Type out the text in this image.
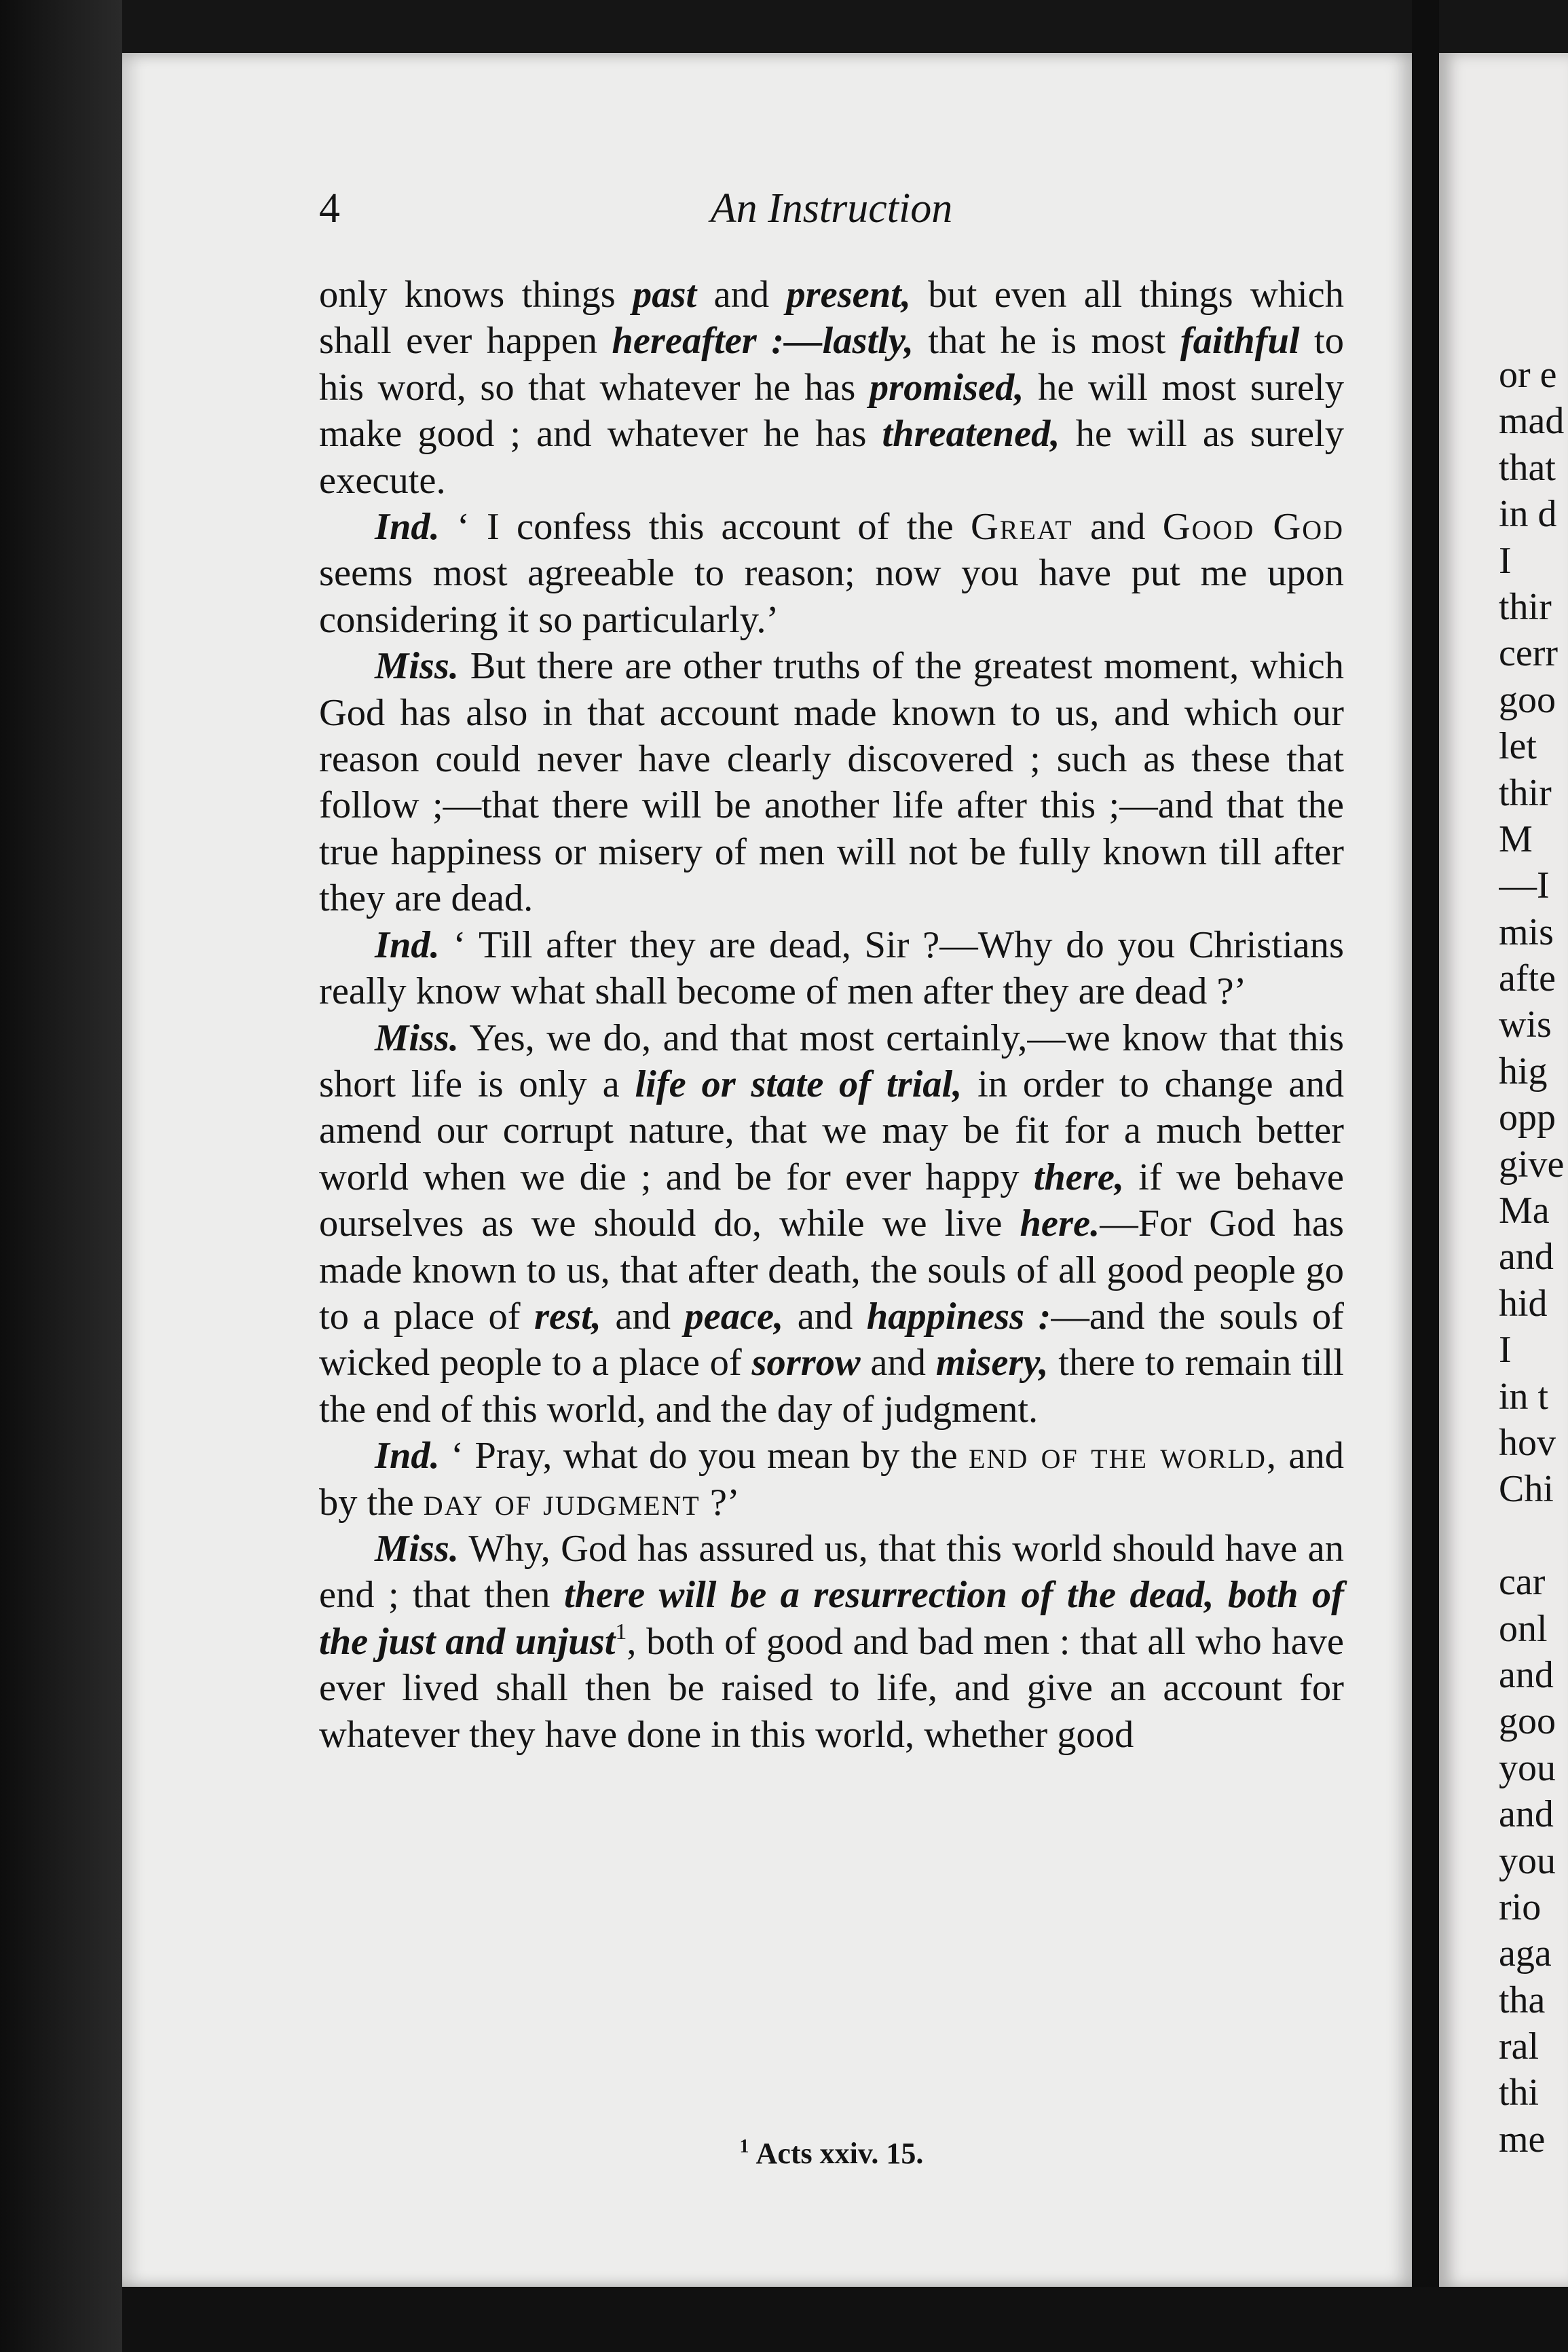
or e
mad
that
in d
I
thir
cerr
goo
let
thir
M
—I
mis
afte
wis
hig
opp
give
Ma
and
hid
I
in t
hov
Chi
car
onl
and
goo
you
and
you
rio
aga
tha
ral
thi
me
4	An Instruction

only knows things past and present, but even all things which shall ever happen hereafter :—lastly, that he is most faithful to his word, so that whatever he has promised, he will most surely make good ; and whatever he has threatened, he will as surely execute.

Ind. ‘ I confess this account of the Great and Good God seems most agreeable to reason; now you have put me upon considering it so particularly.’

Miss. But there are other truths of the greatest moment, which God has also in that account made known to us, and which our reason could never have clearly discovered ; such as these that follow ;—that there will be another life after this ;—and that the true happiness or misery of men will not be fully known till after they are dead.

Ind. ‘ Till after they are dead, Sir ?—Why do you Christians really know what shall become of men after they are dead ?’

Miss. Yes, we do, and that most certainly,—we know that this short life is only a life or state of trial, in order to change and amend our corrupt nature, that we may be fit for a much better world when we die ; and be for ever happy there, if we behave ourselves as we should do, while we live here.—For God has made known to us, that after death, the souls of all good people go to a place of rest, and peace, and happiness :—and the souls of wicked people to a place of sorrow and misery, there to remain till the end of this world, and the day of judgment.

Ind. ‘ Pray, what do you mean by the end of the world, and by the day of judgment ?’

Miss. Why, God has assured us, that this world should have an end ; that then there will be a resurrection of the dead, both of the just and unjust$^1$, both of good and bad men : that all who have ever lived shall then be raised to life, and give an account for whatever they have done in this world, whether good

$^1$ Acts xxiv. 15.
